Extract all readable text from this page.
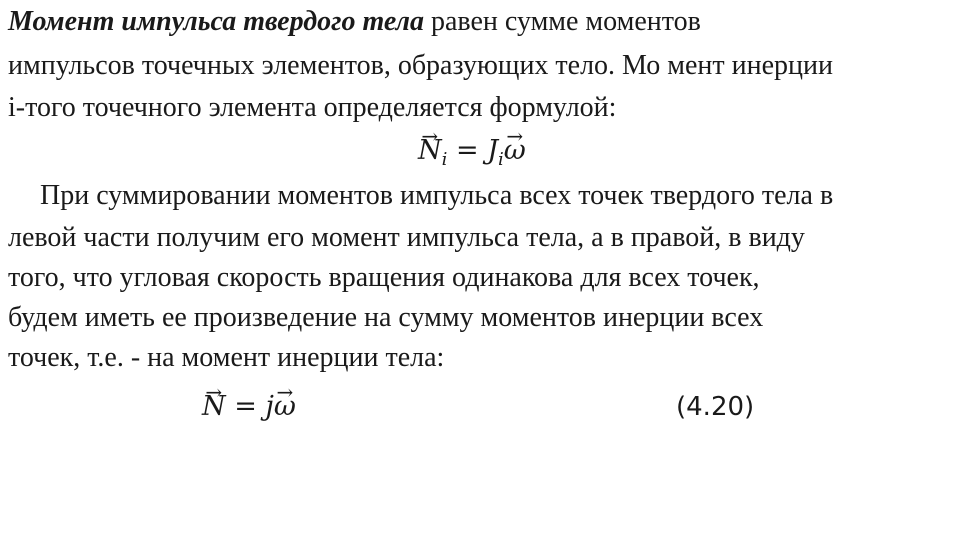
Момент импульса твердого тела равен сумме моментов
импульсов точечных элементов, образующих тело. Мо мент инерции
i-того точечного элемента определяется формулой:
→ $N_i = J_i\to \omega$
При суммировании моментов импульса всех точек твердого тела в
левой части получим его момент импульса тела, а в правой, в виду
того, что угловая скорость вращения одинакова для всех точек,
будем иметь ее произведение на сумму моментов инерции всех
точек, т.е. - на момент инерции тела:
→ N = j→ ω	(4.20)
